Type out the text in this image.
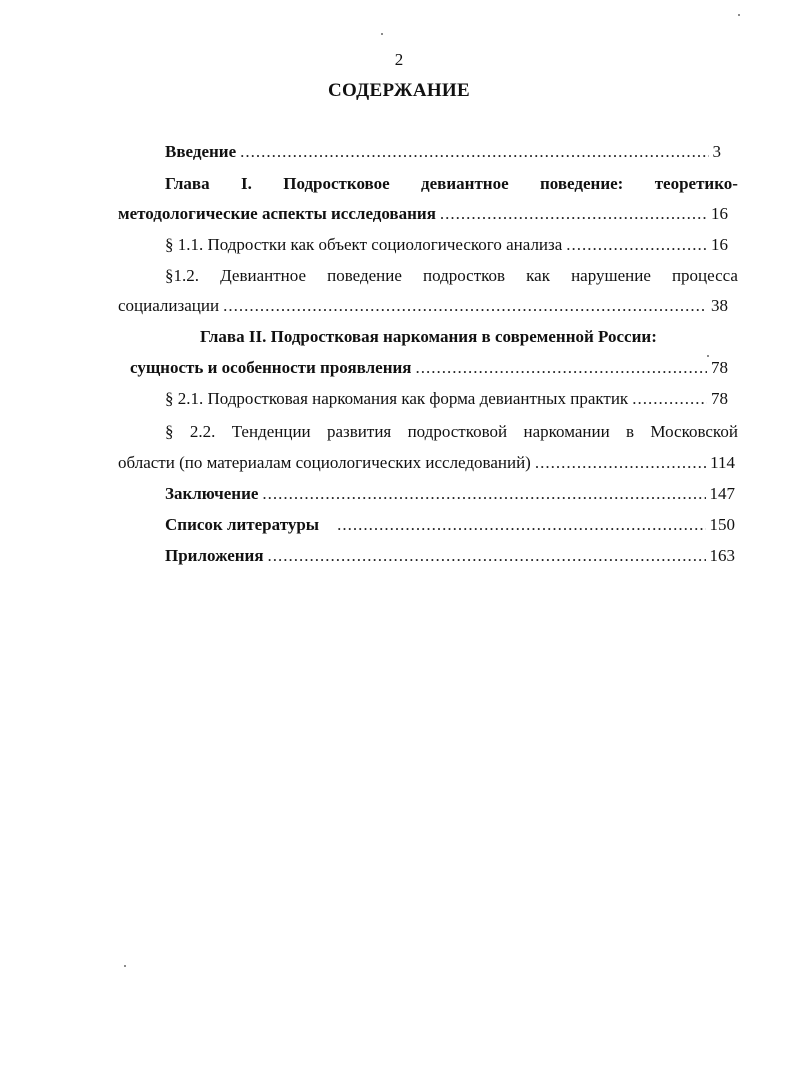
2
СОДЕРЖАНИЕ
Введение .....	3
Глава I. Подростковое девиантное поведение: теоретико-
методологические аспекты исследования .....	16
§ 1.1. Подростки как объект социологического анализа .....	16
§1.2. Девиантное поведение подростков как нарушение процесса
социализации .....	38
Глава II. Подростковая наркомания в современной России:
сущность и особенности проявления .....	78
§ 2.1. Подростковая наркомания как форма девиантных практик .....	78
§ 2.2. Тенденции развития подростковой наркомании в Московской
области (по материалам социологических исследований) .....	114
Заключение .....	147
Список литературы .....	150
Приложения .....	163
